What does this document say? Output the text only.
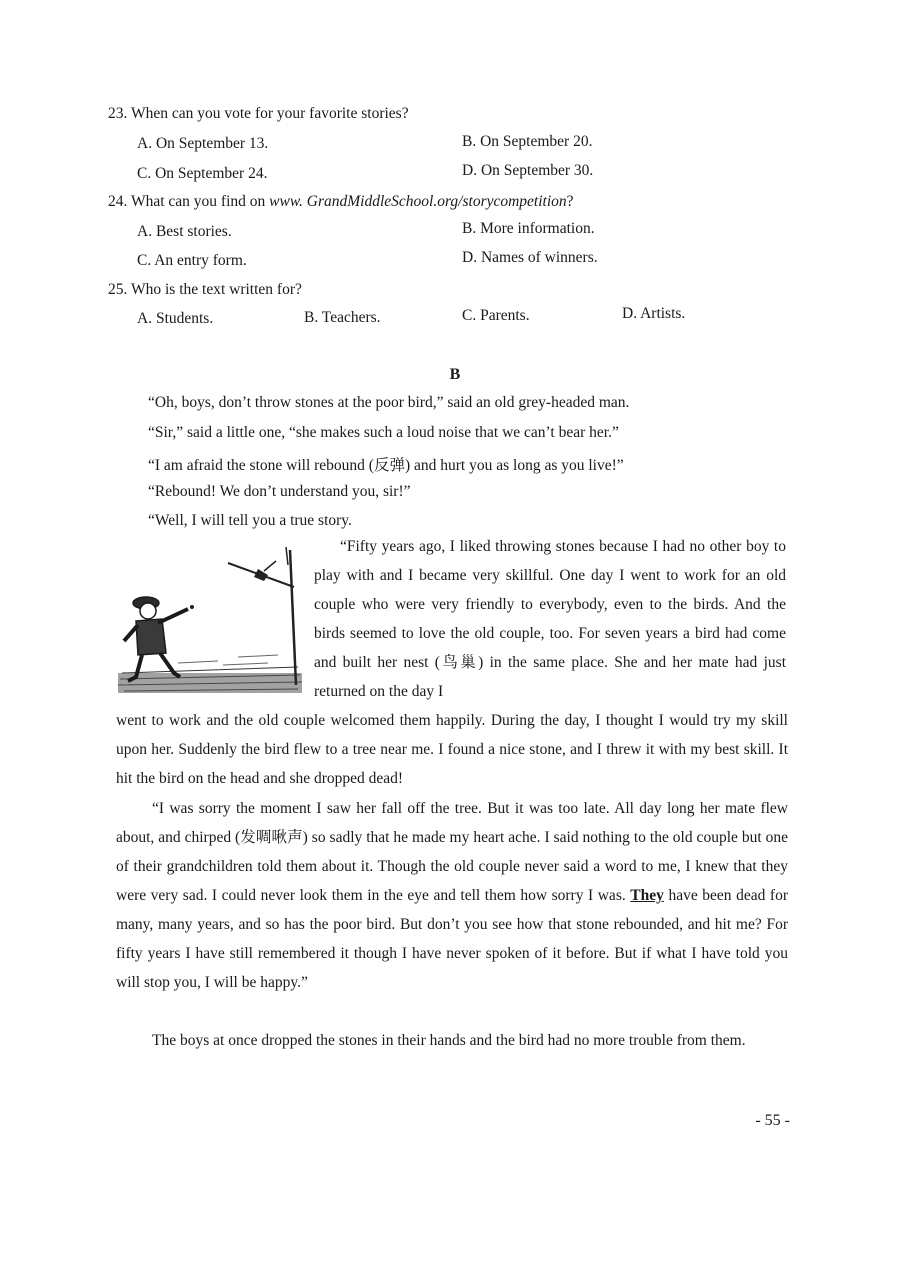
23. When can you vote for your favorite stories?
A. On September 13.	B. On September 20.
C. On September 24.	D. On September 30.
24. What can you find on www. GrandMiddleSchool.org/storycompetition?
A. Best stories.	B. More information.
C. An entry form.	D. Names of winners.
25. Who is the text written for?
A. Students.	B. Teachers.	C. Parents.	D. Artists.
B
“Oh, boys, don’t throw stones at the poor bird,” said an old grey-headed man.
“Sir,” said a little one, “she makes such a loud noise that we can’t bear her.”
“I am afraid the stone will rebound (反弹) and hurt you as long as you live!”
“Rebound! We don’t understand you, sir!”
“Well, I will tell you a true story.

“Fifty years ago, I liked throwing stones because I had no other boy to play with and I became very skillful. One day I went to work for an old couple who were very friendly to everybody, even to the birds. And the birds seemed to love the old couple, too. For seven years a bird had come and built her nest (鸟巢) in the same place. She and her mate had just returned on the day I

went to work and the old couple welcomed them happily. During the day, I thought I would try my skill upon her. Suddenly the bird flew to a tree near me. I found a nice stone, and I threw it with my best skill. It hit the bird on the head and she dropped dead!

“I was sorry the moment I saw her fall off the tree. But it was too late. All day long her mate flew about, and chirped (发啁啾声) so sadly that he made my heart ache. I said nothing to the old couple but one of their grandchildren told them about it. Though the old couple never said a word to me, I knew that they were very sad. I could never look them in the eye and tell them how sorry I was. They have been dead for many, many years, and so has the poor bird. But don’t you see how that stone rebounded, and hit me? For fifty years I have still remembered it though I have never spoken of it before. But if what I have told you will stop you, I will be happy.”

The boys at once dropped the stones in their hands and the bird had no more trouble from them.

- 55 -
